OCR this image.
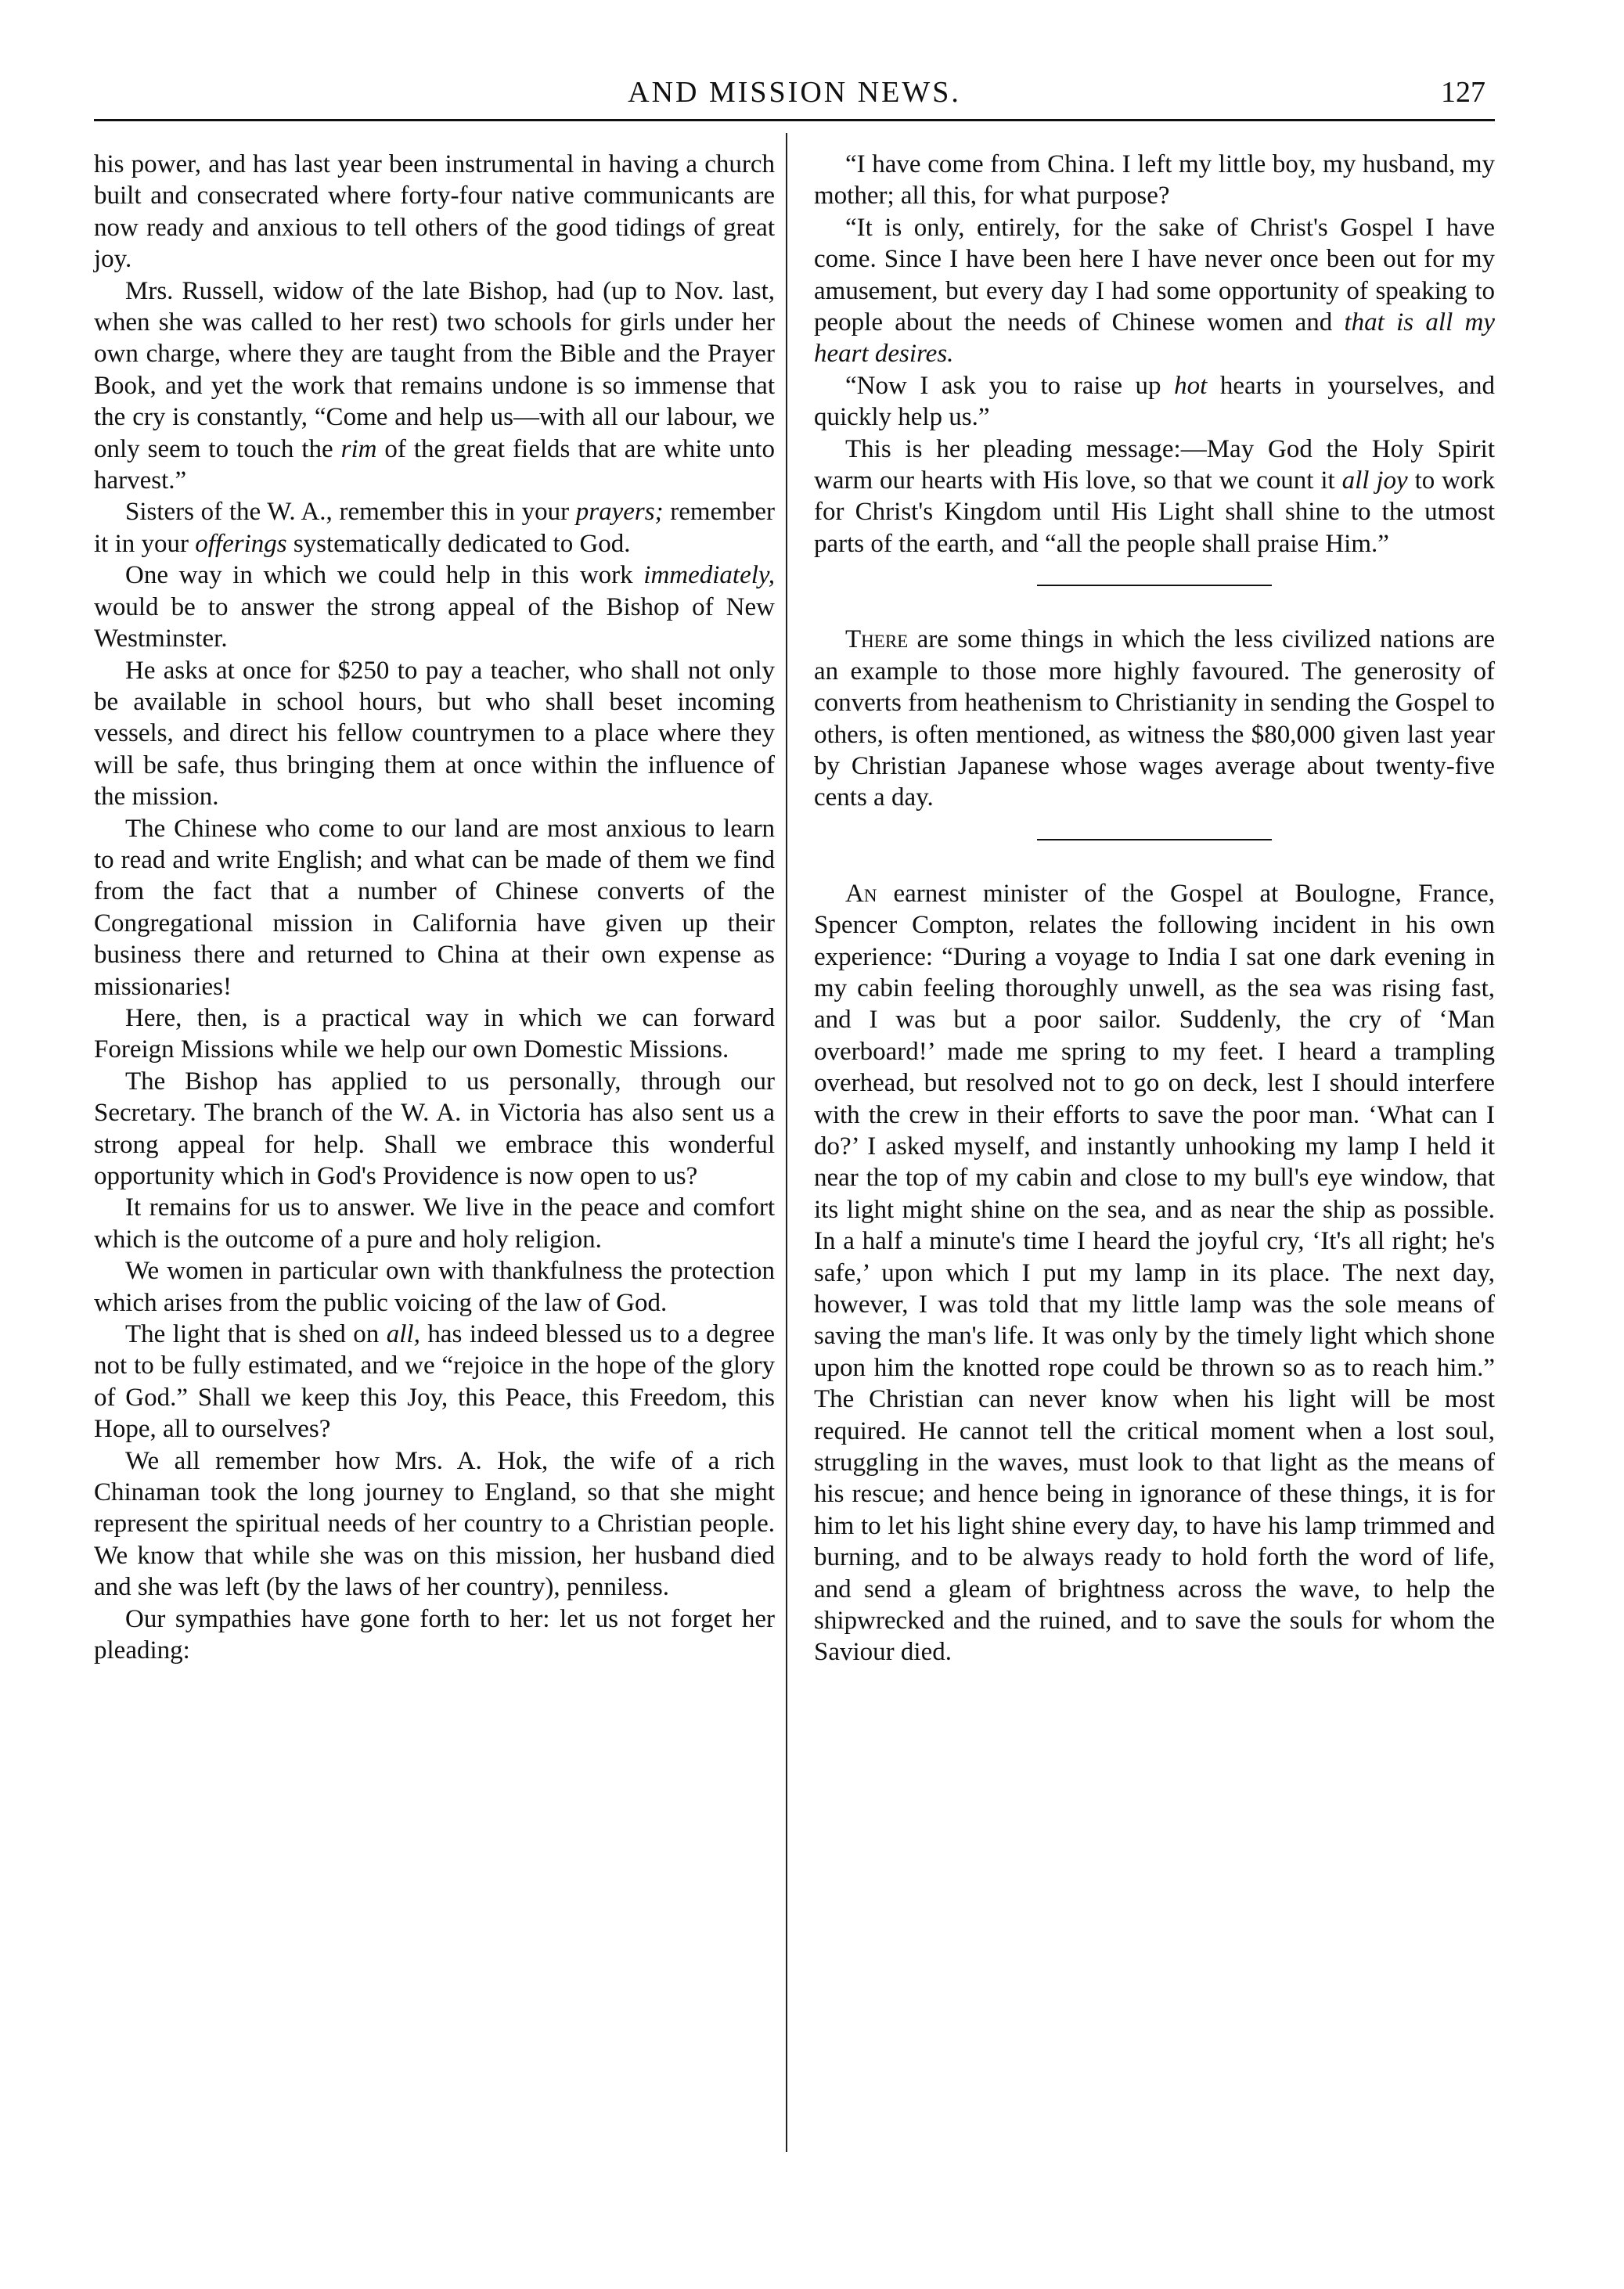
AND MISSION NEWS.	127

his power, and has last year been instrumental in having a church built and consecrated where forty-four native communicants are now ready and anxious to tell others of the good tidings of great joy.

Mrs. Russell, widow of the late Bishop, had (up to Nov. last, when she was called to her rest) two schools for girls under her own charge, where they are taught from the Bible and the Prayer Book, and yet the work that remains undone is so immense that the cry is constantly, “Come and help us—with all our labour, we only seem to touch the rim of the great fields that are white unto harvest.”

Sisters of the W. A., remember this in your prayers; remember it in your offerings systematically dedicated to God.

One way in which we could help in this work immediately, would be to answer the strong appeal of the Bishop of New Westminster.

He asks at once for $250 to pay a teacher, who shall not only be available in school hours, but who shall beset incoming vessels, and direct his fellow countrymen to a place where they will be safe, thus bringing them at once within the influence of the mission.

The Chinese who come to our land are most anxious to learn to read and write English; and what can be made of them we find from the fact that a number of Chinese converts of the Congregational mission in California have given up their business there and returned to China at their own expense as missionaries!

Here, then, is a practical way in which we can forward Foreign Missions while we help our own Domestic Missions.

The Bishop has applied to us personally, through our Secretary. The branch of the W. A. in Victoria has also sent us a strong appeal for help. Shall we embrace this wonderful opportunity which in God's Providence is now open to us?

It remains for us to answer. We live in the peace and comfort which is the outcome of a pure and holy religion.

We women in particular own with thankfulness the protection which arises from the public voicing of the law of God.

The light that is shed on all, has indeed blessed us to a degree not to be fully estimated, and we “rejoice in the hope of the glory of God.” Shall we keep this Joy, this Peace, this Freedom, this Hope, all to ourselves?

We all remember how Mrs. A. Hok, the wife of a rich Chinaman took the long journey to England, so that she might represent the spiritual needs of her country to a Christian people. We know that while she was on this mission, her husband died and she was left (by the laws of her country), penniless.

Our sympathies have gone forth to her: let us not forget her pleading:

“I have come from China. I left my little boy, my husband, my mother; all this, for what purpose?

“It is only, entirely, for the sake of Christ's Gospel I have come. Since I have been here I have never once been out for my amusement, but every day I had some opportunity of speaking to people about the needs of Chinese women and that is all my heart desires.

“Now I ask you to raise up hot hearts in yourselves, and quickly help us.”

This is her pleading message:—May God the Holy Spirit warm our hearts with His love, so that we count it all joy to work for Christ's Kingdom until His Light shall shine to the utmost parts of the earth, and “all the people shall praise Him.”

There are some things in which the less civilized nations are an example to those more highly favoured. The generosity of converts from heathenism to Christianity in sending the Gospel to others, is often mentioned, as witness the $80,000 given last year by Christian Japanese whose wages average about twenty-five cents a day.

An earnest minister of the Gospel at Boulogne, France, Spencer Compton, relates the following incident in his own experience: “During a voyage to India I sat one dark evening in my cabin feeling thoroughly unwell, as the sea was rising fast, and I was but a poor sailor. Suddenly, the cry of ‘Man overboard!’ made me spring to my feet. I heard a trampling overhead, but resolved not to go on deck, lest I should interfere with the crew in their efforts to save the poor man. ‘What can I do?’ I asked myself, and instantly unhooking my lamp I held it near the top of my cabin and close to my bull's eye window, that its light might shine on the sea, and as near the ship as possible. In a half a minute's time I heard the joyful cry, ‘It's all right; he's safe,’ upon which I put my lamp in its place. The next day, however, I was told that my little lamp was the sole means of saving the man's life. It was only by the timely light which shone upon him the knotted rope could be thrown so as to reach him.” The Christian can never know when his light will be most required. He cannot tell the critical moment when a lost soul, struggling in the waves, must look to that light as the means of his rescue; and hence being in ignorance of these things, it is for him to let his light shine every day, to have his lamp trimmed and burning, and to be always ready to hold forth the word of life, and send a gleam of brightness across the wave, to help the shipwrecked and the ruined, and to save the souls for whom the Saviour died.
